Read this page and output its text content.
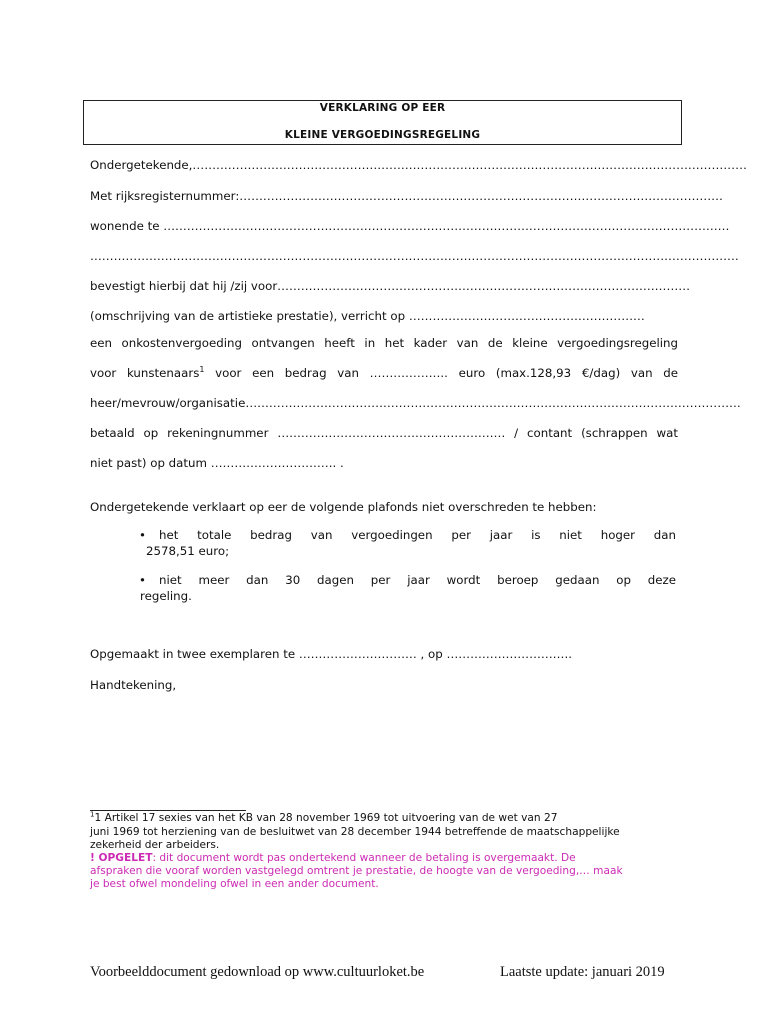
VERKLARING OP EER
KLEINE VERGOEDINGSREGELING
Ondergetekende,……………………………………………………………………………………………………………………………
Met rijksregisternummer:……………………………………………………………………………………………………………
wonende te ………………………………………………………………………………………………………………………………
…………………………………………………………………………………………………………………………………………………
bevestigt hierbij dat hij /zij voor……………………………………………………………………………………………
(omschrijving van de artistieke prestatie), verricht op ……………………………………………………
een onkostenvergoeding ontvangen heeft in het kader van de kleine vergoedingsregeling
voor kunstenaars$^1$ voor een bedrag van ……………….. euro (max.128,93 €/dag) van de
heer/mevrouw/organisatie………………………………………………………………………………………………………………
betaald op rekeningnummer …………………………………………………. / contant (schrappen wat
niet past) op datum ………………………….. .
Ondergetekende verklaart op eer de volgende plafonds niet overschreden te hebben:
•	het totale bedrag van vergoedingen per jaar is niet hoger dan
2578,51 euro;
•	niet meer dan 30 dagen per jaar wordt beroep gedaan op deze
regeling.
Opgemaakt in twee exemplaren te ………………………… , op …………………………..
Handtekening,
$^1$1 Artikel 17 sexies van het KB van 28 november 1969 tot uitvoering van de wet van 27
juni 1969 tot herziening van de besluitwet van 28 december 1944 betreffende de maatschappelijke
zekerheid der arbeiders.
! OPGELET: dit document wordt pas ondertekend wanneer de betaling is overgemaakt. De
afspraken die vooraf worden vastgelegd omtrent je prestatie, de hoogte van de vergoeding,… maak
je best ofwel mondeling ofwel in een ander document.
Voorbeelddocument gedownload op www.cultuurloket.be	Laatste update: januari 2019
